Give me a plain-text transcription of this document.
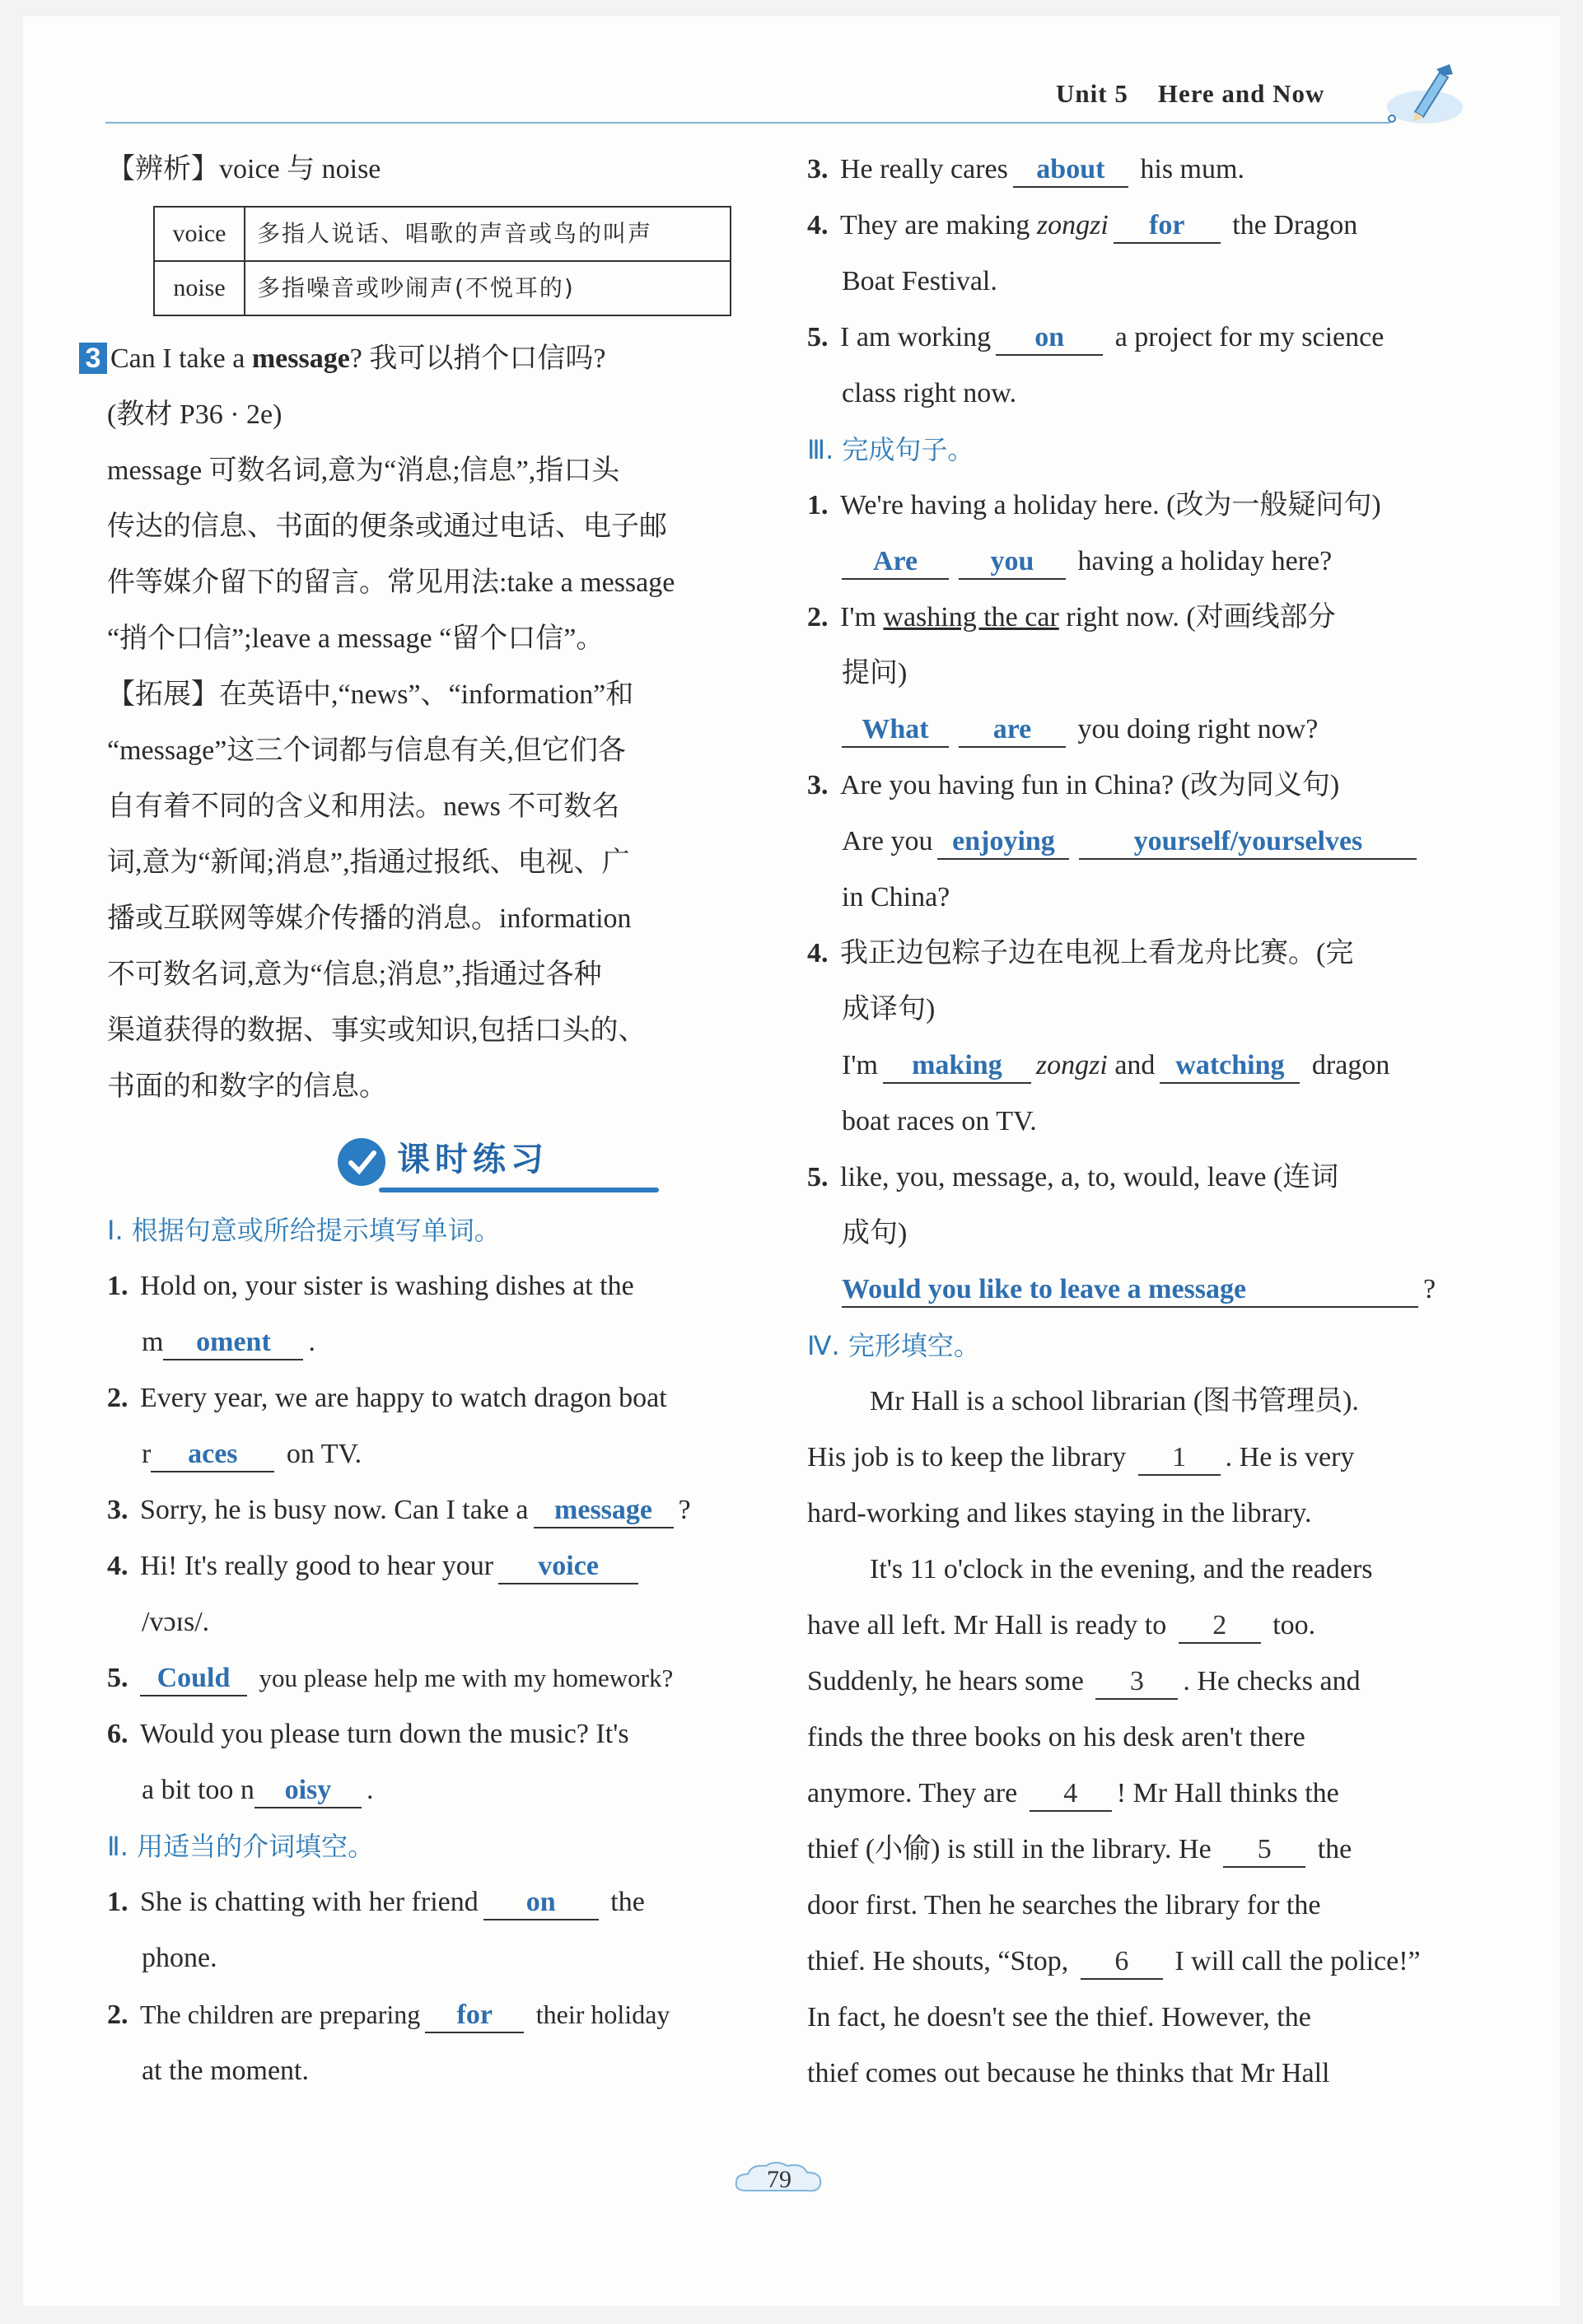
Unit 5 Here and Now
【辨析】voice 与 noise
voice	多指人说话、唱歌的声音或鸟的叫声
noise	多指噪音或吵闹声(不悦耳的)
3 Can I take a message? 我可以捎个口信吗?
(教材 P36 · 2e)
message 可数名词,意为“消息;信息”,指口头
传达的信息、书面的便条或通过电话、电子邮
件等媒介留下的留言。常见用法:take a message
“捎个口信”;leave a message “留个口信”。
【拓展】在英语中,“news”、“information”和
“message”这三个词都与信息有关,但它们各
自有着不同的含义和用法。news 不可数名
词,意为“新闻;消息”,指通过报纸、电视、广
播或互联网等媒介传播的消息。information
不可数名词,意为“信息;消息”,指通过各种
渠道获得的数据、事实或知识,包括口头的、
书面的和数字的信息。
课时练习
Ⅰ. 根据句意或所给提示填写单词。
1. Hold on, your sister is washing dishes at the
m oment .
2. Every year, we are happy to watch dragon boat
r aces on TV.
3. Sorry, he is busy now. Can I take a message ?
4. Hi! It's really good to hear your voice
/vɔɪs/.
5. Could you please help me with my homework?
6. Would you please turn down the music? It's
a bit too n oisy .
Ⅱ. 用适当的介词填空。
1. She is chatting with her friend on the
phone.
2. The children are preparing for their holiday
at the moment.
3. He really cares about his mum.
4. They are making zongzi for the Dragon
Boat Festival.
5. I am working on a project for my science
class right now.
Ⅲ. 完成句子。
1. We're having a holiday here. (改为一般疑问句)
Are	you having a holiday here?
2. I'm washing the car right now. (对画线部分
提问)
What are you doing right now?
3. Are you having fun in China? (改为同义句)
Are you enjoying	yourself/yourselves
in China?
4. 我正边包粽子边在电视上看龙舟比赛。(完
成译句)
I'm making zongzi and watching dragon
boat races on TV.
5. like, you, message, a, to, would, leave (连词
成句)
Would you like to leave a message	?
Ⅳ. 完形填空。
Mr Hall is a school librarian (图书管理员).
His job is to keep the library 1 . He is very
hard-working and likes staying in the library.
It's 11 o'clock in the evening, and the readers
have all left. Mr Hall is ready to 2 too.
Suddenly, he hears some 3 . He checks and
finds the three books on his desk aren't there
anymore. They are 4 ! Mr Hall thinks the
thief (小偷) is still in the library. He 5 the
door first. Then he searches the library for the
thief. He shouts, “Stop, 6 I will call the police!”
In fact, he doesn't see the thief. However, the
thief comes out because he thinks that Mr Hall
79
